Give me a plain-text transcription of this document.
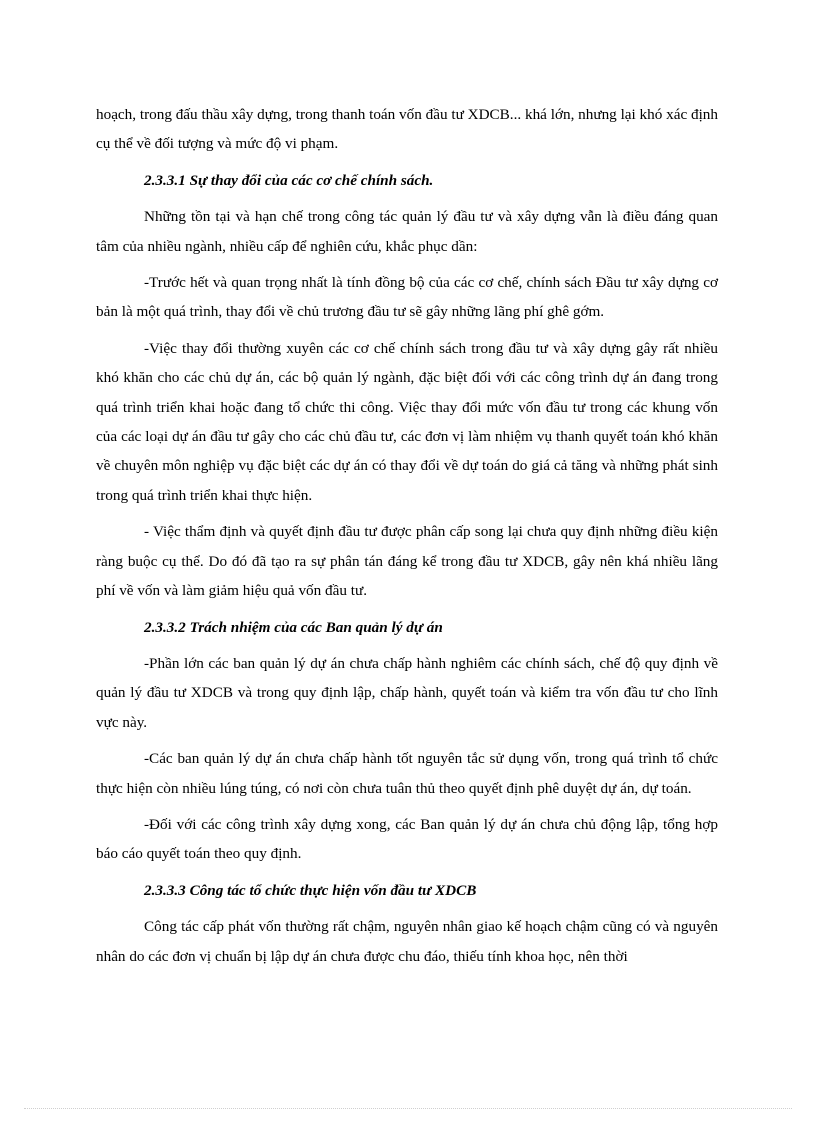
hoạch, trong đấu thầu xây dựng, trong thanh toán vốn đầu tư XDCB... khá lớn, nhưng lại khó xác định cụ thể về đối tượng và mức độ vi phạm.

2.3.3.1 Sự thay đổi của các cơ chế chính sách.

Những tồn tại và hạn chế trong công tác quản lý đầu tư và xây dựng vẫn là điều đáng quan tâm của nhiều ngành, nhiều cấp để nghiên cứu, khắc phục dần:

-Trước hết và quan trọng nhất là tính đồng bộ của các cơ chế, chính sách Đầu tư xây dựng cơ bản là một quá trình, thay đổi về chủ trương đầu tư sẽ gây những lãng phí ghê gớm.

-Việc thay đổi thường xuyên các cơ chế chính sách trong đầu tư và xây dựng gây rất nhiều khó khăn cho các chủ dự án, các bộ quản lý ngành, đặc biệt đối với các công trình dự án đang trong quá trình triển khai hoặc đang tổ chức thi công. Việc thay đổi mức vốn đầu tư trong các khung vốn của các loại dự án đầu tư gây cho các chủ đầu tư, các đơn vị làm nhiệm vụ thanh quyết toán khó khăn về chuyên môn nghiệp vụ đặc biệt các dự án có thay đổi về dự toán do giá cả tăng và những phát sinh trong quá trình triển khai thực hiện.

- Việc thẩm định và quyết định đầu tư được phân cấp song lại chưa quy định những điều kiện ràng buộc cụ thể. Do đó đã tạo ra sự phân tán đáng kể trong đầu tư XDCB, gây nên khá nhiều lãng phí về vốn và làm giảm hiệu quả vốn đầu tư.

2.3.3.2 Trách nhiệm của các Ban quản lý dự án

-Phần lớn các ban quản lý dự án chưa chấp hành nghiêm các chính sách, chế độ quy định về quản lý đầu tư XDCB và trong quy định lập, chấp hành, quyết toán và kiểm tra vốn đầu tư cho lĩnh vực này.

-Các ban quản lý dự án chưa chấp hành tốt nguyên tắc sử dụng vốn, trong quá trình tổ chức thực hiện còn nhiều lúng túng, có nơi còn chưa tuân thủ theo quyết định phê duyệt dự án, dự toán.

-Đối với các công trình xây dựng xong, các Ban quản lý dự án chưa chủ động lập, tổng hợp báo cáo quyết toán theo quy định.

2.3.3.3 Công tác tổ chức thực hiện vốn đầu tư XDCB

Công tác cấp phát vốn thường rất chậm, nguyên nhân giao kế hoạch chậm cũng có và nguyên nhân do các đơn vị chuẩn bị lập dự án chưa được chu đáo, thiếu tính khoa học, nên thời
